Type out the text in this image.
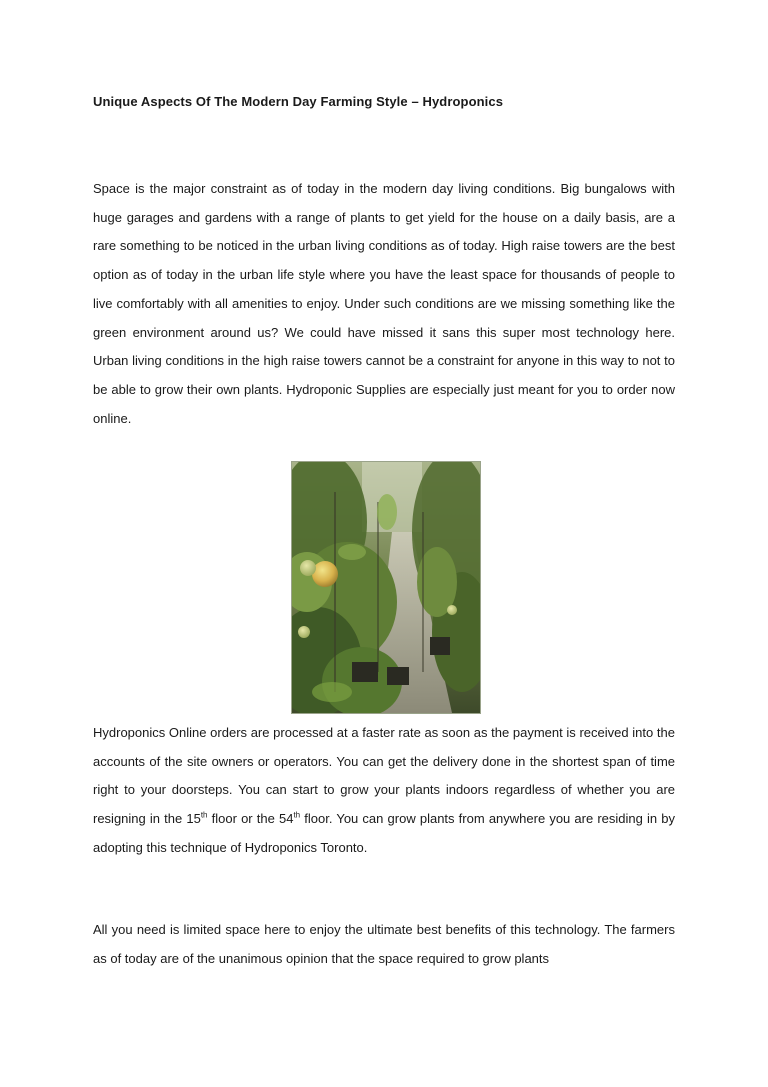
Unique Aspects Of The Modern Day Farming Style – Hydroponics

Space is the major constraint as of today in the modern day living conditions. Big bungalows with huge garages and gardens with a range of plants to get yield for the house on a daily basis, are a rare something to be noticed in the urban living conditions as of today. High raise towers are the best option as of today in the urban life style where you have the least space for thousands of people to live comfortably with all amenities to enjoy. Under such conditions are we missing something like the green environment around us? We could have missed it sans this super most technology here. Urban living conditions in the high raise towers cannot be a constraint for anyone in this way to not to be able to grow their own plants. Hydroponic Supplies are especially just meant for you to order now online.

Hydroponics Online orders are processed at a faster rate as soon as the payment is received into the accounts of the site owners or operators. You can get the delivery done in the shortest span of time right to your doorsteps. You can start to grow your plants indoors regardless of whether you are resigning in the 15th floor or the 54th floor. You can grow plants from anywhere you are residing in by adopting this technique of Hydroponics Toronto.

All you need is limited space here to enjoy the ultimate best benefits of this technology. The farmers as of today are of the unanimous opinion that the space required to grow plants
